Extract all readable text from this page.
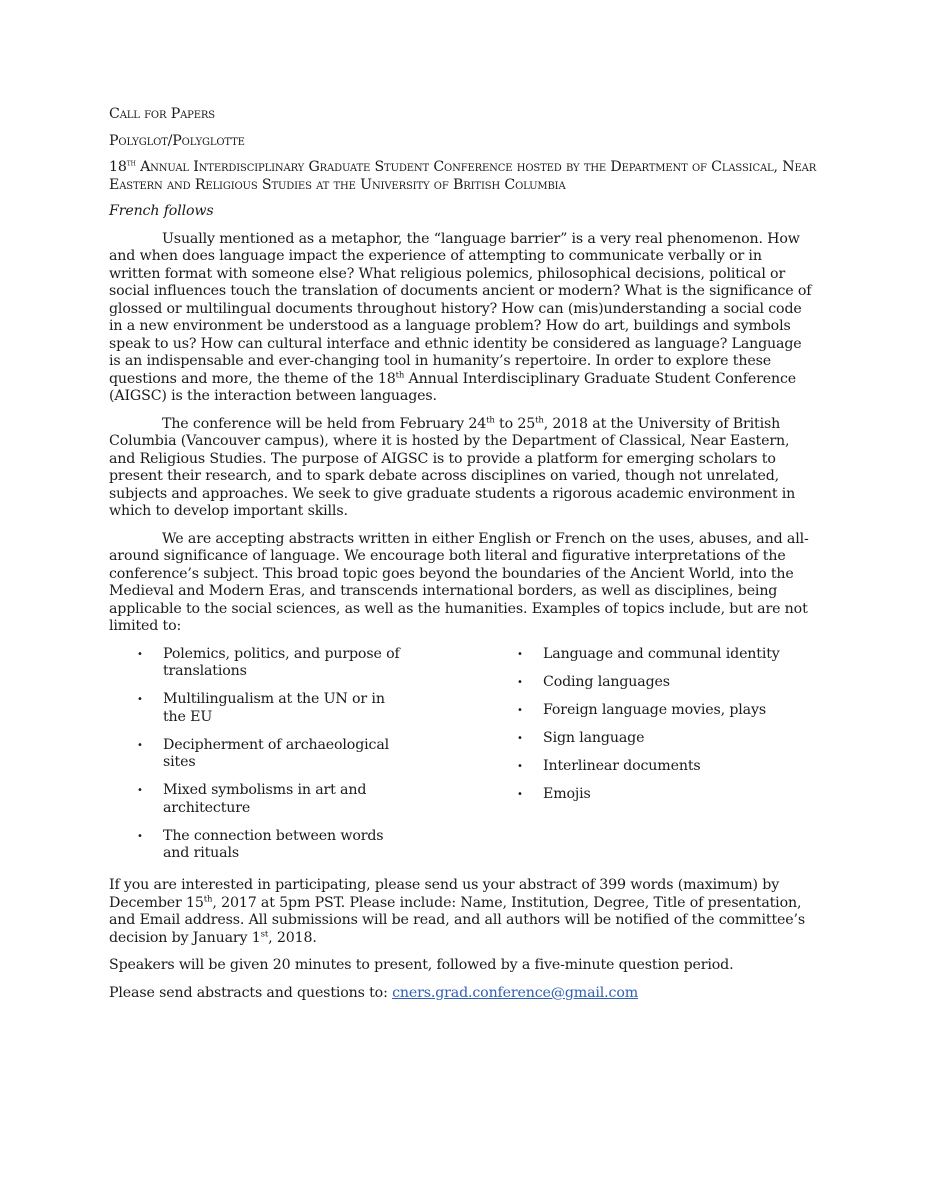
Call for Papers
Polyglot/Polyglotte
18th Annual Interdisciplinary Graduate Student Conference hosted by the Department of Classical, Near Eastern and Religious Studies at the University of British Columbia
French follows

Usually mentioned as a metaphor, the “language barrier” is a very real phenomenon. How and when does language impact the experience of attempting to communicate verbally or in written format with someone else? What religious polemics, philosophical decisions, political or social influences touch the translation of documents ancient or modern? What is the significance of glossed or multilingual documents throughout history? How can (mis)understanding a social code in a new environment be understood as a language problem? How do art, buildings and symbols speak to us? How can cultural interface and ethnic identity be considered as language? Language is an indispensable and ever-changing tool in humanity’s repertoire. In order to explore these questions and more, the theme of the 18th Annual Interdisciplinary Graduate Student Conference (AIGSC) is the interaction between languages.

The conference will be held from February 24th to 25th, 2018 at the University of British Columbia (Vancouver campus), where it is hosted by the Department of Classical, Near Eastern, and Religious Studies. The purpose of AIGSC is to provide a platform for emerging scholars to present their research, and to spark debate across disciplines on varied, though not unrelated, subjects and approaches. We seek to give graduate students a rigorous academic environment in which to develop important skills.

We are accepting abstracts written in either English or French on the uses, abuses, and all-around significance of language. We encourage both literal and figurative interpretations of the conference’s subject. This broad topic goes beyond the boundaries of the Ancient World, into the Medieval and Modern Eras, and transcends international borders, as well as disciplines, being applicable to the social sciences, as well as the humanities. Examples of topics include, but are not limited to:

• Polemics, politics, and purpose of translations
• Multilingualism at the UN or in the EU
• Decipherment of archaeological sites
• Mixed symbolisms in art and architecture
• The connection between words and rituals
• Language and communal identity
• Coding languages
• Foreign language movies, plays
• Sign language
• Interlinear documents
• Emojis

If you are interested in participating, please send us your abstract of 399 words (maximum) by December 15th, 2017 at 5pm PST. Please include: Name, Institution, Degree, Title of presentation, and Email address. All submissions will be read, and all authors will be notified of the committee’s decision by January 1st, 2018.

Speakers will be given 20 minutes to present, followed by a five-minute question period.

Please send abstracts and questions to: cners.grad.conference@gmail.com
